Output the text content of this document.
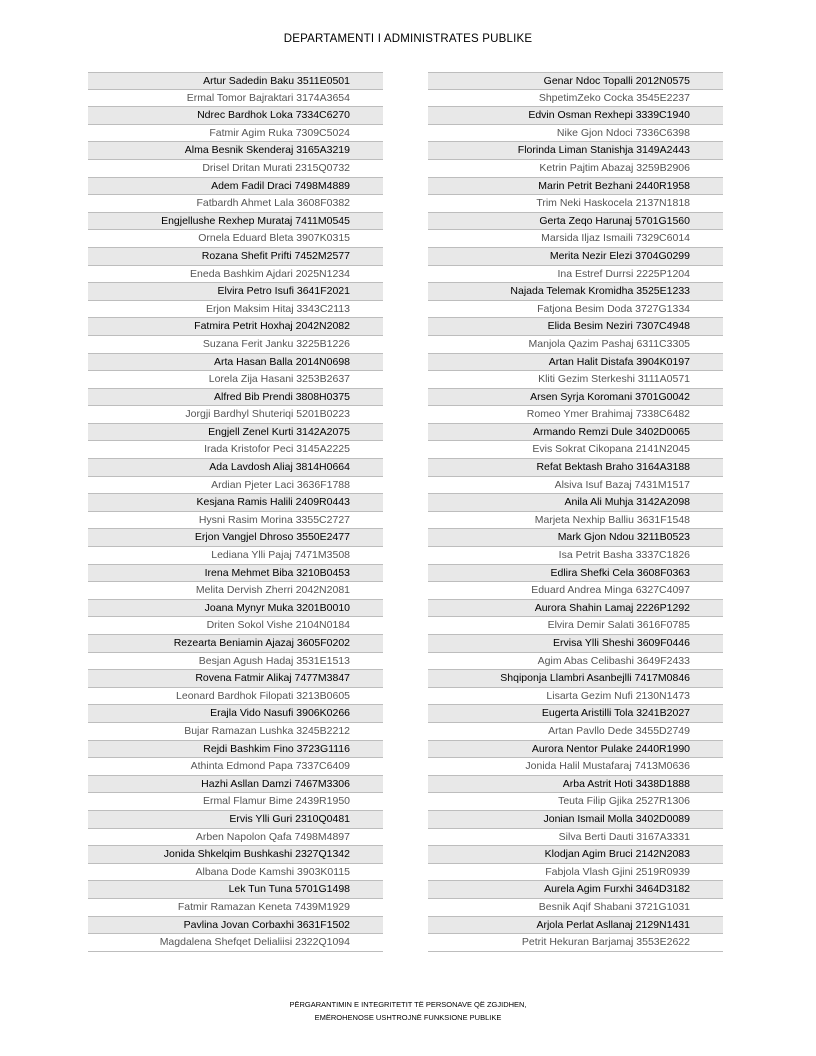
DEPARTAMENTI I ADMINISTRATES PUBLIKE
Artur Sadedin Baku 3511E0501
Ermal Tomor Bajraktari 3174A3654
Ndrec Bardhok Loka 7334C6270
Fatmir Agim Ruka 7309C5024
Alma Besnik Skenderaj 3165A3219
Drisel Dritan Murati 2315Q0732
Adem Fadil Draci 7498M4889
Fatbardh Ahmet Lala 3608F0382
Engjellushe Rexhep Murataj 7411M0545
Ornela Eduard Bleta 3907K0315
Rozana Shefit Prifti 7452M2577
Eneda Bashkim Ajdari 2025N1234
Elvira Petro Isufi 3641F2021
Erjon Maksim Hitaj 3343C2113
Fatmira Petrit Hoxhaj 2042N2082
Suzana Ferit Janku 3225B1226
Arta Hasan Balla 2014N0698
Lorela Zija Hasani 3253B2637
Alfred Bib Prendi 3808H0375
Jorgji Bardhyl Shuteriqi 5201B0223
Engjell Zenel Kurti 3142A2075
Irada Kristofor Peci 3145A2225
Ada Lavdosh Aliaj 3814H0664
Ardian Pjeter Laci 3636F1788
Kesjana Ramis Halili 2409R0443
Hysni Rasim Morina 3355C2727
Erjon Vangjel Dhroso 3550E2477
Lediana Ylli Pajaj 7471M3508
Irena Mehmet Biba 3210B0453
Melita Dervish Zherri 2042N2081
Joana Mynyr Muka 3201B0010
Driten Sokol Vishe 2104N0184
Rezearta Beniamin Ajazaj 3605F0202
Besjan Agush Hadaj 3531E1513
Rovena Fatmir Alikaj 7477M3847
Leonard Bardhok Filopati 3213B0605
Erajla Vido Nasufi 3906K0266
Bujar Ramazan Lushka 3245B2212
Rejdi Bashkim Fino 3723G1116
Athinta Edmond Papa 7337C6409
Hazhi Asllan Damzi 7467M3306
Ermal Flamur Bime 2439R1950
Ervis Ylli Guri 2310Q0481
Arben Napolon Qafa 7498M4897
Jonida Shkelqim Bushkashi 2327Q1342
Albana Dode Kamshi 3903K0115
Lek Tun Tuna 5701G1498
Fatmir Ramazan Keneta 7439M1929
Pavlina Jovan Corbaxhi 3631F1502
Magdalena Shefqet Delialiisi 2322Q1094
Genar Ndoc Topalli 2012N0575
ShpetimZeko Cocka 3545E2237
Edvin Osman Rexhepi 3339C1940
Nike Gjon Ndoci 7336C6398
Florinda Liman Stanishja 3149A2443
Ketrin Pajtim Abazaj 3259B2906
Marin Petrit Bezhani 2440R1958
Trim Neki Haskocela 2137N1818
Gerta Zeqo Harunaj 5701G1560
Marsida Iljaz Ismaili 7329C6014
Merita Nezir Elezi 3704G0299
Ina Estref Durrsi 2225P1204
Najada Telemak Kromidha 3525E1233
Fatjona Besim Doda 3727G1334
Elida Besim Neziri 7307C4948
Manjola Qazim Pashaj 6311C3305
Artan Halit Distafa 3904K0197
Kliti Gezim Sterkeshi 3111A0571
Arsen Syrja Koromani 3701G0042
Romeo Ymer Brahimaj 7338C6482
Armando Remzi Dule 3402D0065
Evis Sokrat Cikopana 2141N2045
Refat Bektash Braho 3164A3188
Alsiva Isuf Bazaj 7431M1517
Anila Ali Muhja 3142A2098
Marjeta Nexhip Balliu 3631F1548
Mark Gjon Ndou 3211B0523
Isa Petrit Basha 3337C1826
Edlira Shefki Cela 3608F0363
Eduard Andrea Minga 6327C4097
Aurora Shahin Lamaj 2226P1292
Elvira Demir Salati 3616F0785
Ervisa Ylli Sheshi 3609F0446
Agim Abas Celibashi 3649F2433
Shqiponja Llambri Asanbejlli 7417M0846
Lisarta Gezim Nufi 2130N1473
Eugerta Aristilli Tola 3241B2027
Artan Pavllo Dede 3455D2749
Aurora Nentor Pulake 2440R1990
Jonida Halil Mustafaraj 7413M0636
Arba Astrit Hoti 3438D1888
Teuta Filip Gjika 2527R1306
Jonian Ismail Molla 3402D0089
Silva Berti Dauti 3167A3331
Klodjan Agim Bruci 2142N2083
Fabjola Vlash Gjini 2519R0939
Aurela Agim Furxhi 3464D3182
Besnik Aqif Shabani 3721G1031
Arjola Perlat Asllanaj 2129N1431
Petrit Hekuran Barjamaj 3553E2622
PËRGARANTIMIN E INTEGRITETIT TË PERSONAVE QË ZGJIDHEN,
EMËROHENOSE USHTROJNË FUNKSIONE PUBLIKE
